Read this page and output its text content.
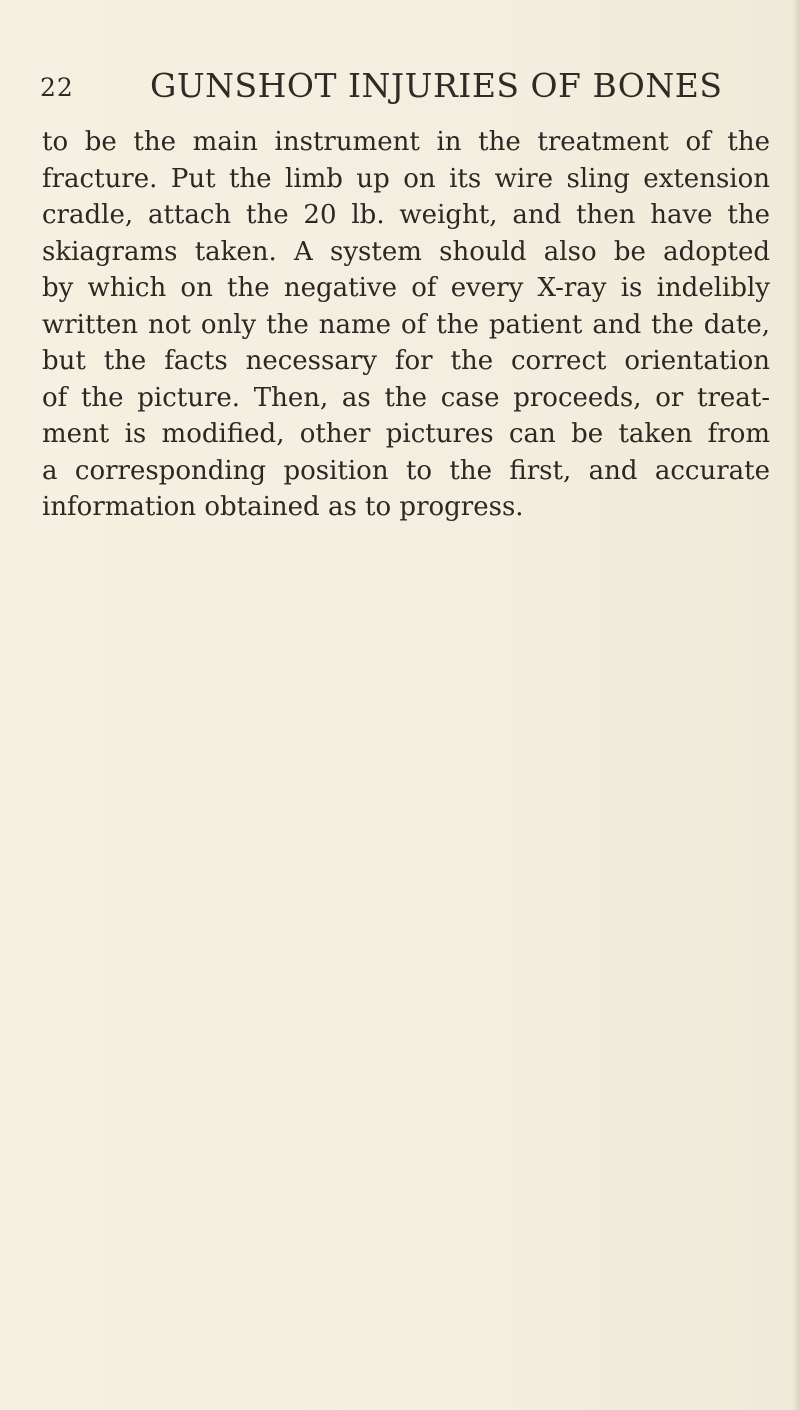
22 GUNSHOT INJURIES OF BONES
to be the main instrument in the treatment of the
fracture. Put the limb up on its wire sling extension
cradle, attach the 20 lb. weight, and then have the
skiagrams taken. A system should also be adopted
by which on the negative of every X-ray is indelibly
written not only the name of the patient and the date,
but the facts necessary for the correct orientation
of the picture. Then, as the case proceeds, or treat-
ment is modified, other pictures can be taken from
a corresponding position to the first, and accurate
information obtained as to progress.
